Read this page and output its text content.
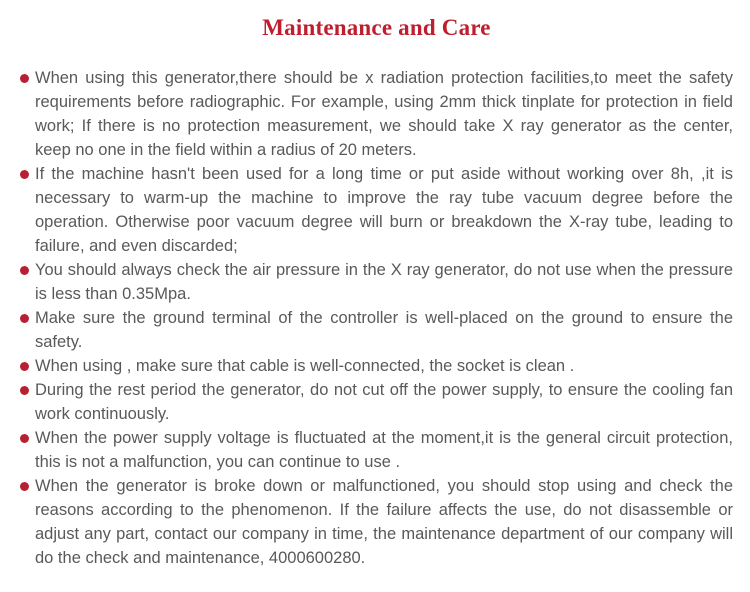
Maintenance and Care
When using this generator,there should be x radiation protection facilities,to meet the safety requirements before radiographic. For example, using 2mm thick tinplate for protection in field work; If there is no protection measurement, we should take X ray generator as the center, keep no one in the field within a radius of 20 meters.
If the machine hasn't been used for a long time or put aside without working over 8h, ,it is necessary to warm-up the machine to improve the ray tube vacuum degree before the operation. Otherwise poor vacuum degree will burn or breakdown the X-ray tube, leading to failure, and even discarded;
You should always check the air pressure in the X ray generator, do not use when the pressure is less than 0.35Mpa.
Make sure the ground terminal of the controller is well-placed on the ground to ensure the safety.
When using , make sure that cable is well-connected, the socket is clean .
During the rest period the generator, do not cut off the power supply, to ensure the cooling fan work continuously.
When the power supply voltage is fluctuated at the moment,it is the general circuit protection, this is not a malfunction, you can continue to use .
When the generator is broke down or malfunctioned, you should stop using and check the reasons according to the phenomenon. If the failure affects the use, do not disassemble or adjust any part, contact our company in time, the maintenance department of our company will do the check and maintenance, 4000600280.
